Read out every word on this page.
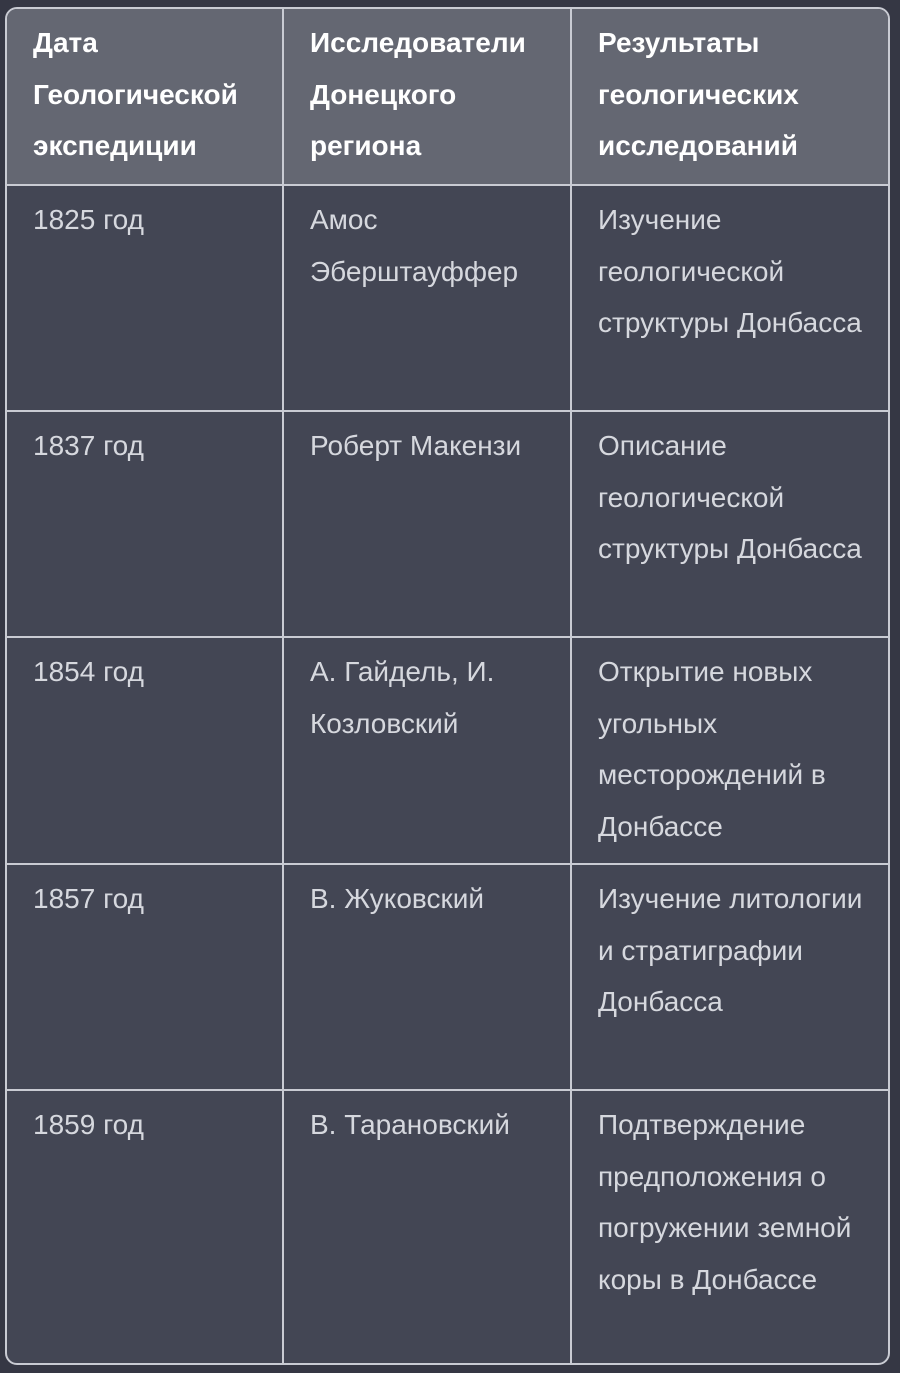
Дата Геологической экспедиции	Исследователи Донецкого региона	Результаты геологических исследований

1825 год	Амос Эберштауффер	Изучение геологической структуры Донбасса

1837 год	Роберт Макензи	Описание геологической структуры Донбасса

1854 год	А. Гайдель, И. Козловский	Открытие новых угольных месторождений в Донбассе

1857 год	В. Жуковский	Изучение литологии и стратиграфии Донбасса

1859 год	В. Тарановский	Подтверждение предположения о погружении земной коры в Донбассе
